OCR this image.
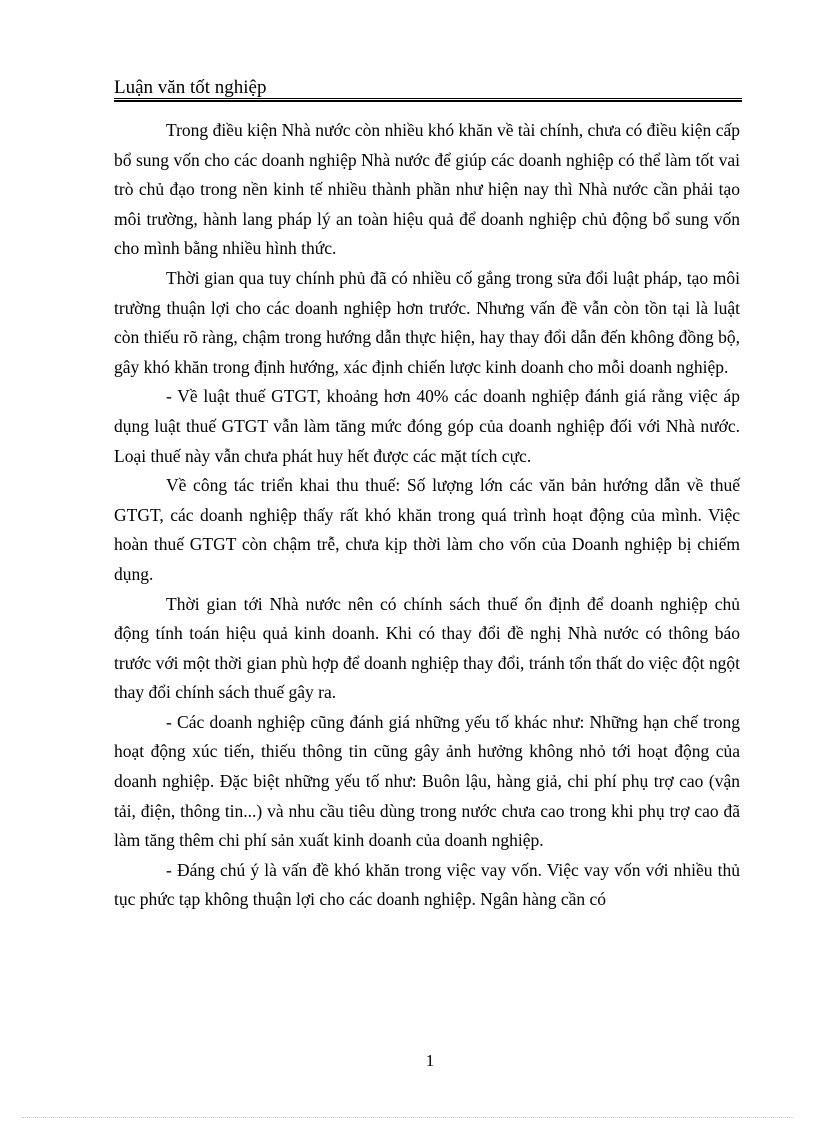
Luận văn tốt nghiệp

Trong điều kiện Nhà nước còn nhiều khó khăn về tài chính, chưa có điều kiện cấp bổ sung vốn cho các doanh nghiệp Nhà nước để giúp các doanh nghiệp có thể làm tốt vai trò chủ đạo trong nền kinh tế nhiều thành phần như hiện nay thì Nhà nước cần phải tạo môi trường, hành lang pháp lý an toàn hiệu quả để doanh nghiệp chủ động bổ sung vốn cho mình bằng nhiều hình thức.

Thời gian qua tuy chính phủ đã có nhiều cố gắng trong sửa đổi luật pháp, tạo môi trường thuận lợi cho các doanh nghiệp hơn trước. Nhưng vấn đề vẫn còn tồn tại là luật còn thiếu rõ ràng, chậm trong hướng dẫn thực hiện, hay thay đổi dẫn đến không đồng bộ, gây khó khăn trong định hướng, xác định chiến lược kinh doanh cho mỗi doanh nghiệp.

- Về luật thuế GTGT, khoảng hơn 40% các doanh nghiệp đánh giá rằng việc áp dụng luật thuế GTGT vẫn làm tăng mức đóng góp của doanh nghiệp đối với Nhà nước. Loại thuế này vẫn chưa phát huy hết được các mặt tích cực.

Về công tác triển khai thu thuế: Số lượng lớn các văn bản hướng dẫn về thuế GTGT, các doanh nghiệp thấy rất khó khăn trong quá trình hoạt động của mình. Việc hoàn thuế GTGT còn chậm trễ, chưa kịp thời làm cho vốn của Doanh nghiệp bị chiếm dụng.

Thời gian tới Nhà nước nên có chính sách thuế ổn định để doanh nghiệp chủ động tính toán hiệu quả kinh doanh. Khi có thay đổi đề nghị Nhà nước có thông báo trước với một thời gian phù hợp để doanh nghiệp thay đổi, tránh tổn thất do việc đột ngột thay đổi chính sách thuế gây ra.

- Các doanh nghiệp cũng đánh giá những yếu tố khác như: Những hạn chế trong hoạt động xúc tiến, thiếu thông tin cũng gây ảnh hưởng không nhỏ tới hoạt động của doanh nghiệp. Đặc biệt những yếu tố như: Buôn lậu, hàng giả, chi phí phụ trợ cao (vận tải, điện, thông tin...) và nhu cầu tiêu dùng trong nước chưa cao trong khi phụ trợ cao đã làm tăng thêm chi phí sản xuất kinh doanh của doanh nghiệp.

- Đáng chú ý là vấn đề khó khăn trong việc vay vốn. Việc vay vốn với nhiều thủ tục phức tạp không thuận lợi cho các doanh nghiệp. Ngân hàng cần có

1
